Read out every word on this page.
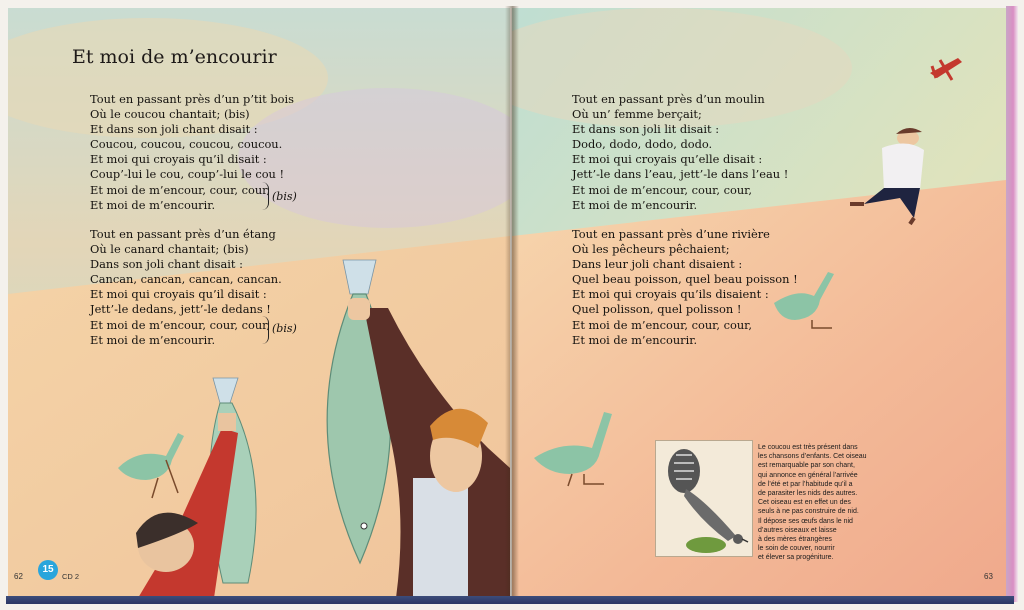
Et moi de m’encourir
Tout en passant près d’un p’tit bois
Où le coucou chantait; (bis)
Et dans son joli chant disait :
Coucou, coucou, coucou, coucou.
Et moi qui croyais qu’il disait :
Coup’-lui le cou, coup’-lui le cou !
Et moi de m’encour, cour, cour,
Et moi de m’encourir.
(bis)
Tout en passant près d’un étang
Où le canard chantait; (bis)
Dans son joli chant disait :
Cancan, cancan, cancan, cancan.
Et moi qui croyais qu’il disait :
Jett’-le dedans, jett’-le dedans !
Et moi de m’encour, cour, cour,
Et moi de m’encourir.
(bis)
Tout en passant près d’un moulin
Où un’ femme berçait;
Et dans son joli lit disait :
Dodo, dodo, dodo, dodo.
Et moi qui croyais qu’elle disait :
Jett’-le dans l’eau, jett’-le dans l’eau !
Et moi de m’encour, cour, cour,
Et moi de m’encourir.
Tout en passant près d’une rivière
Où les pêcheurs pêchaient;
Dans leur joli chant disaient :
Quel beau poisson, quel beau poisson !
Et moi qui croyais qu’ils disaient :
Quel polisson, quel polisson !
Et moi de m’encour, cour, cour,
Et moi de m’encourir.
Le coucou est très présent dans
les chansons d’enfants. Cet oiseau
est remarquable par son chant,
qui annonce en général l’arrivée
de l’été et par l’habitude qu’il a
de parasiter les nids des autres.
Cet oiseau est en effet un des
seuls à ne pas construire de nid.
Il dépose ses œufs dans le nid
d’autres oiseaux et laisse
à des mères étrangères
le soin de couver, nourrir
et élever sa progéniture.
62
15
CD 2	63
